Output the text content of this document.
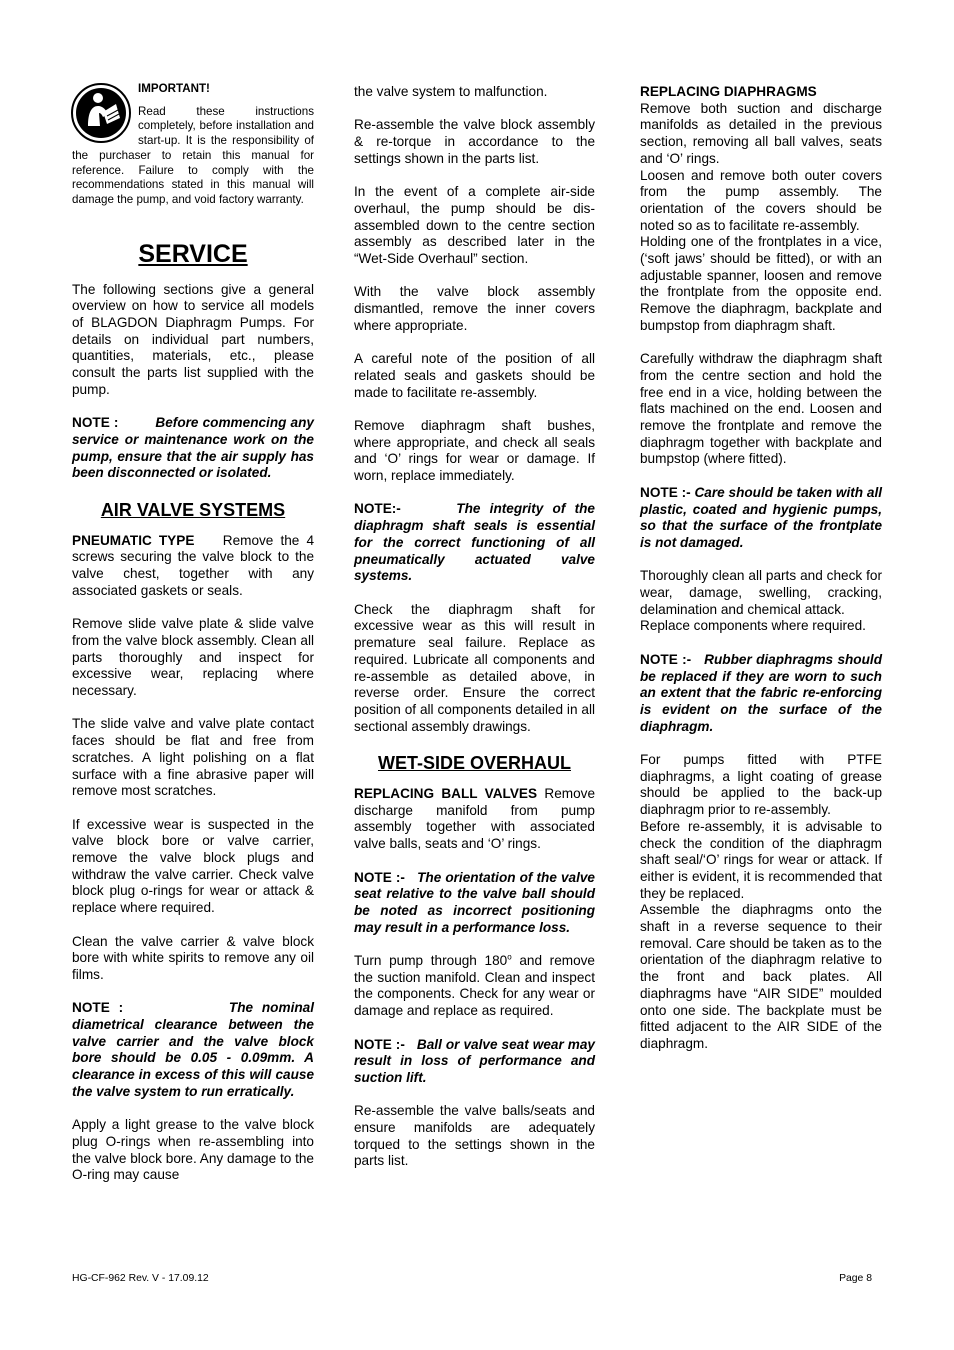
IMPORTANT!

Read these instructions completely, before installation and start-up. It is the responsibility of the purchaser to retain this manual for reference. Failure to comply with the recommendations stated in this manual will damage the pump, and void factory warranty.

SERVICE

The following sections give a general overview on how to service all models of BLAGDON Diaphragm Pumps. For details on individual part numbers, quantities, materials, etc., please consult the parts list supplied with the pump.

NOTE :	Before commencing any service or maintenance work on the pump, ensure that the air supply has been disconnected or isolated.

AIR VALVE SYSTEMS

PNEUMATIC TYPE Remove the 4 screws securing the valve block to the valve chest, together with any associated gaskets or seals.

Remove slide valve plate & slide valve from the valve block assembly. Clean all parts thoroughly and inspect for excessive wear, replacing where necessary.

The slide valve and valve plate contact faces should be flat and free from scratches. A light polishing on a flat surface with a fine abrasive paper will remove most scratches.

If excessive wear is suspected in the valve block bore or valve carrier, remove the valve block plugs and withdraw the valve carrier. Check valve block plug o-rings for wear or attack & replace where required.

Clean the valve carrier & valve block bore with white spirits to remove any oil films.

NOTE :	The nominal diametrical clearance between the valve carrier and the valve block bore should be 0.05 - 0.09mm. A clearance in excess of this will cause the valve system to run erratically.

Apply a light grease to the valve block plug O-rings when re-assembling into the valve block bore. Any damage to the O-ring may cause

the valve system to malfunction.

Re-assemble the valve block assembly & re-torque in accordance to the settings shown in the parts list.

In the event of a complete air-side overhaul, the pump should be dis-assembled down to the centre section assembly as described later in the “Wet-Side Overhaul” section.

With the valve block assembly dismantled, remove the inner covers where appropriate.

A careful note of the position of all related seals and gaskets should be made to facilitate re-assembly.

Remove diaphragm shaft bushes, where appropriate, and check all seals and ‘O’ rings for wear or damage. If worn, replace immediately.

NOTE:-	The integrity of the diaphragm shaft seals is essential for the correct functioning of all pneumatically actuated valve systems.

Check the diaphragm shaft for excessive wear as this will result in premature seal failure. Replace as required. Lubricate all components and re-assemble as detailed above, in reverse order. Ensure the correct position of all components detailed in all sectional assembly drawings.

WET-SIDE OVERHAUL

REPLACING BALL VALVES Remove discharge manifold from pump assembly together with associated valve balls, seats and ‘O’ rings.

NOTE :- The orientation of the valve seat relative to the valve ball should be noted as incorrect positioning may result in a performance loss.

Turn pump through 180$^o$ and remove the suction manifold. Clean and inspect the components. Check for any wear or damage and replace as required.

NOTE :- Ball or valve seat wear may result in loss of performance and suction lift.

Re-assemble the valve balls/seats and ensure manifolds are adequately torqued to the settings shown in the parts list.

REPLACING DIAPHRAGMS
Remove both suction and discharge manifolds as detailed in the previous section, removing all ball valves, seats and ‘O’ rings.
Loosen and remove both outer covers from the pump assembly. The orientation of the covers should be noted so as to facilitate re-assembly.
Holding one of the frontplates in a vice, (‘soft jaws’ should be fitted), or with an adjustable spanner, loosen and remove the frontplate from the opposite end. Remove the diaphragm, backplate and bumpstop from diaphragm shaft.

Carefully withdraw the diaphragm shaft from the centre section and hold the free end in a vice, holding between the flats machined on the end. Loosen and remove the frontplate and remove the diaphragm together with backplate and bumpstop (where fitted).

NOTE :- Care should be taken with all plastic, coated and hygienic pumps, so that the surface of the frontplate is not damaged.

Thoroughly clean all parts and check for wear, damage, swelling, cracking, delamination and chemical attack.
Replace components where required.

NOTE :- Rubber diaphragms should be replaced if they are worn to such an extent that the fabric re-enforcing is evident on the surface of the diaphragm.

For pumps fitted with PTFE diaphragms, a light coating of grease should be applied to the back-up diaphragm prior to re-assembly.
Before re-assembly, it is advisable to check the condition of the diaphragm shaft seal/‘O’ rings for wear or attack. If either is evident, it is recommended that they be replaced.
Assemble the diaphragms onto the shaft in a reverse sequence to their removal. Care should be taken as to the orientation of the diaphragm relative to the front and back plates. All diaphragms have “AIR SIDE” moulded onto one side. The backplate must be fitted adjacent to the AIR SIDE of the diaphragm.

HG-CF-962 Rev. V - 17.09.12	Page 8
